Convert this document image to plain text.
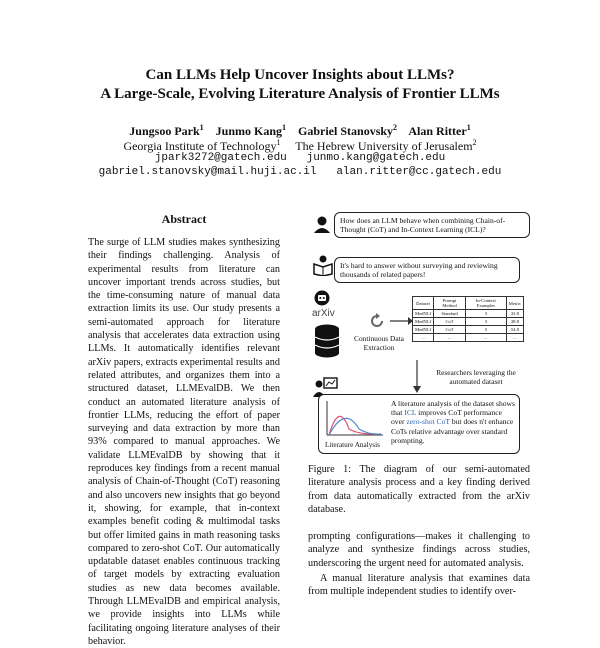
Can LLMs Help Uncover Insights about LLMs?
A Large-Scale, Evolving Literature Analysis of Frontier LLMs
Jungsoo Park$^1$ Junmo Kang$^1$ Gabriel Stanovsky$^2$ Alan Ritter$^1$
Georgia Institute of Technology$^1$ The Hebrew University of Jerusalem$^2$
jpark3272@gatech.edu junmo.kang@gatech.edu
gabriel.stanovsky@mail.huji.ac.il alan.ritter@cc.gatech.edu
Abstract
The surge of LLM studies makes synthesizing their findings challenging. Analysis of experimental results from literature can uncover important trends across studies, but the time-consuming nature of manual data extraction limits its use. Our study presents a semi-automated approach for literature analysis that accelerates data extraction using LLMs. It automatically identifies relevant arXiv papers, extracts experimental results and related attributes, and organizes them into a structured dataset, LLMEvalDB. We then conduct an automated literature analysis of frontier LLMs, reducing the effort of paper surveying and data extraction by more than 93% compared to manual approaches. We validate LLMEvalDB by showing that it reproduces key findings from a recent manual analysis of Chain-of-Thought (CoT) reasoning and also uncovers new insights that go beyond it, showing, for example, that in-context examples benefit coding & multimodal tasks but offer limited gains in math reasoning tasks compared to zero-shot CoT. Our automatically updatable dataset enables continuous tracking of target models by extracting evaluation studies as new data becomes available. Through LLMEvalDB and empirical analysis, we provide insights into LLMs while facilitating ongoing literature analyses of their behavior.
How does an LLM behave when combining Chain-of-Thought (CoT) and In-Context Learning (ICL)?
It's hard to answer without surveying and reviewing thousands of related papers!
arXiv
Continuous Data Extraction
Dataset	Prompt Method	In-Context Examples	Metric
MedNLI	Standard	3	33.8
MedNLI	CoT	3	38.8
MedNLI	CoT	5	54.8
...	...	...	...
Researchers leveraging the automated dataset
Literature Analysis
A literature analysis of the dataset shows that ICL improves CoT performance over zero-shot CoT but does n't enhance CoTs relative advantage over standard prompting.
Figure 1: The diagram of our semi-automated literature analysis process and a key finding derived from data automatically extracted from the arXiv database.
prompting configurations—makes it challenging to analyze and synthesize findings across studies, underscoring the urgent need for automated analysis.
A manual literature analysis that examines data from multiple independent studies to identify over-
